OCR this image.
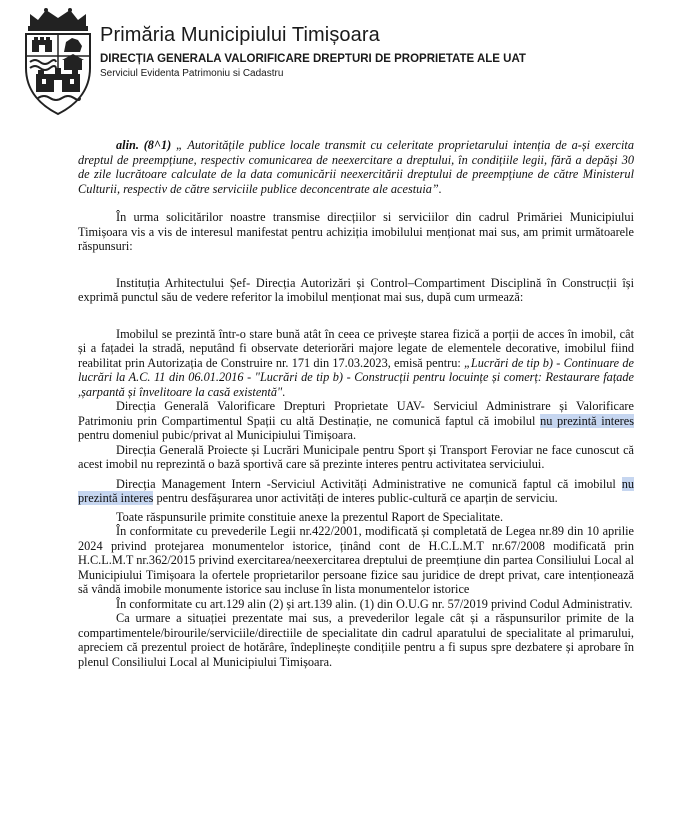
Primăria Municipiului Timișoara
DIRECȚIA GENERALA VALORIFICARE DREPTURI DE PROPRIETATE ALE UAT
Serviciul Evidenta Patrimoniu si Cadastru

alin. (8^1) „ Autoritățile publice locale transmit cu celeritate proprietarului intenția de a-și exercita dreptul de preempțiune, respectiv comunicarea de neexercitare a dreptului, în condițiile legii, fără a depăși 30 de zile lucrătoare calculate de la data comunicării neexercitării dreptului de preempțiune de către Ministerul Culturii, respectiv de către serviciile publice deconcentrate ale acestuia”.

În urma solicitărilor noastre transmise direcțiilor si serviciilor din cadrul Primăriei Municipiului Timișoara vis a vis de interesul manifestat pentru achiziția imobilului menționat mai sus, am primit următoarele răspunsuri:

Instituția Arhitectului Șef- Direcția Autorizări și Control–Compartiment Disciplină în Construcții își exprimă punctul său de vedere referitor la imobilul menționat mai sus, după cum urmează:

Imobilul se prezintă într-o stare bună atât în ceea ce privește starea fizică a porții de acces în imobil, cât și a fațadei la stradă, neputând fi observate deteriorări majore legate de elementele decorative, imobilul fiind reabilitat prin Autorizația de Construire nr. 171 din 17.03.2023, emisă pentru: „Lucrări de tip b) - Continuare de lucrări la A.C. 11 din 06.01.2016 - "Lucrări de tip b) - Construcții pentru locuințe și comerț: Restaurare fațade ,șarpantă și învelitoare la casă existentă".

Direcția Generală Valorificare Drepturi Proprietate UAV- Serviciul Administrare și Valorificare Patrimoniu prin Compartimentul Spații cu altă Destinație, ne comunică faptul că imobilul nu prezintă interes pentru domeniul pubic/privat al Municipiului Timișoara.

Direcția Generală Proiecte și Lucrări Municipale pentru Sport și Transport Feroviar ne face cunoscut că acest imobil nu reprezintă o bază sportivă care să prezinte interes pentru activitatea serviciului.

Direcția Management Intern -Serviciul Activități Administrative ne comunică faptul că imobilul nu prezintă interes pentru desfășurarea unor activități de interes public-cultură ce aparțin de serviciu.

Toate răspunsurile primite constituie anexe la prezentul Raport de Specialitate.

În conformitate cu prevederile Legii nr.422/2001, modificată și completată de Legea nr.89 din 10 aprilie 2024 privind protejarea monumentelor istorice, ținând cont de H.C.L.M.T nr.67/2008 modificată prin H.C.L.M.T nr.362/2015 privind exercitarea/neexercitarea dreptului de preemțiune din partea Consiliului Local al Municipiului Timișoara la ofertele proprietarilor persoane fizice sau juridice de drept privat, care intenționează să vândă imobile monumente istorice sau incluse în lista monumentelor istorice

În conformitate cu art.129 alin (2) și art.139 alin. (1) din O.U.G nr. 57/2019 privind Codul Administrativ.

Ca urmare a situației prezentate mai sus, a prevederilor legale cât și a răspunsurilor primite de la compartimentele/birourile/serviciile/directiile de specialitate din cadrul aparatului de specialitate al primarului, apreciem că prezentul proiect de hotărâre, îndeplinește condițiile pentru a fi supus spre dezbatere și aprobare în plenul Consiliului Local al Municipiului Timișoara.
